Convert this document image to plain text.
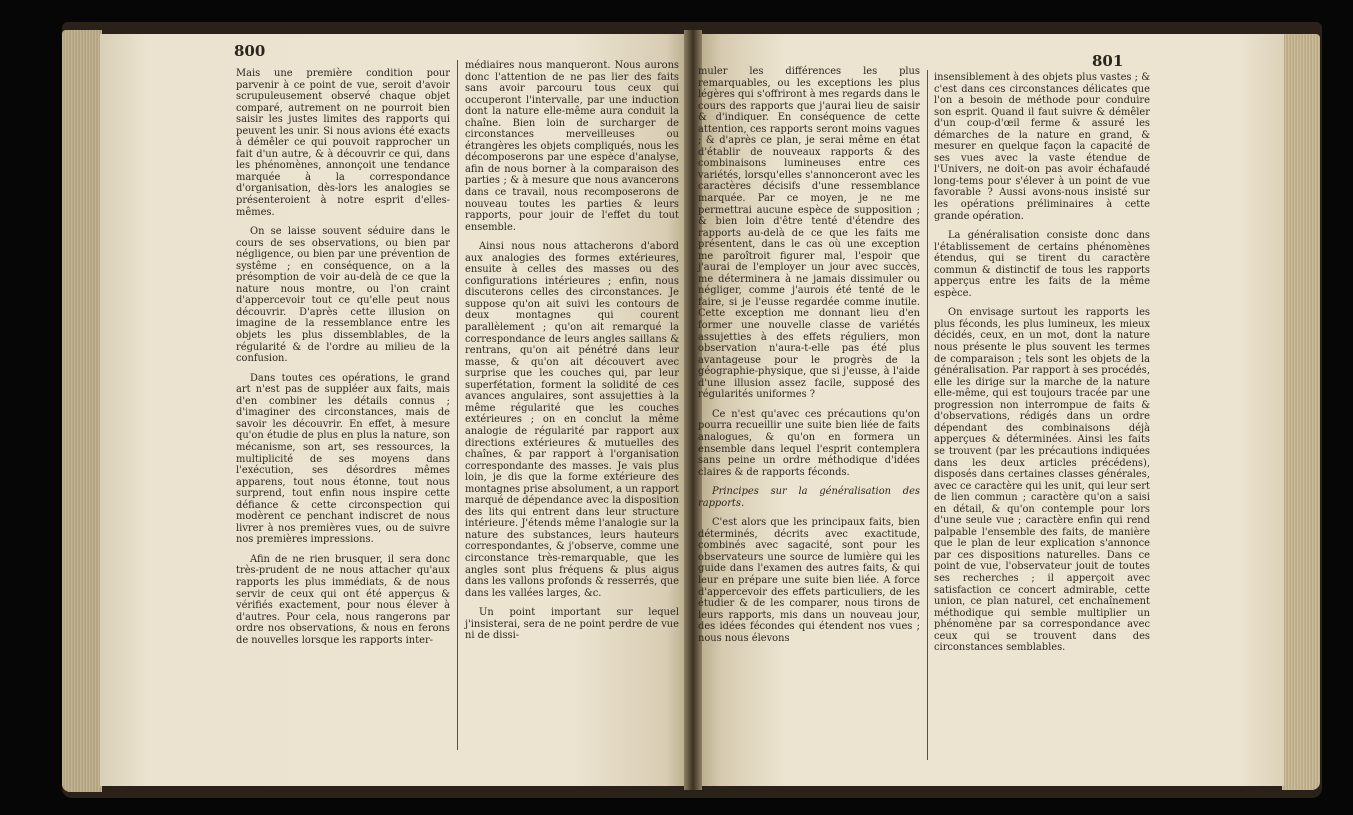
800

Mais une première condition pour parvenir à ce point de vue, seroit d'avoir scrupuleusement observé chaque objet comparé, autrement on ne pourroit bien saisir les justes limites des rapports qui peuvent les unir. Si nous avions été exacts à démêler ce qui pouvoit rapprocher un fait d'un autre, & à découvrir ce qui, dans les phénomènes, annonçoit une tendance marquée à la correspondance d'organisation, dès-lors les analogies se présenteroient à notre esprit d'elles-mêmes.

On se laisse souvent séduire dans le cours de ses observations, ou bien par négligence, ou bien par une prévention de systême ; en conséquence, on a la présomption de voir au-delà de ce que la nature nous montre, ou l'on craint d'appercevoir tout ce qu'elle peut nous découvrir. D'après cette illusion on imagine de la ressemblance entre les objets les plus dissemblables, de la régularité & de l'ordre au milieu de la confusion.

Dans toutes ces opérations, le grand art n'est pas de suppléer aux faits, mais d'en combiner les détails connus ; d'imaginer des circonstances, mais de savoir les découvrir. En effet, à mesure qu'on étudie de plus en plus la nature, son mécanisme, son art, ses ressources, la multiplicité de ses moyens dans l'exécution, ses désordres mêmes apparens, tout nous étonne, tout nous surprend, tout enfin nous inspire cette défiance & cette circonspection qui modèrent ce penchant indiscret de nous livrer à nos premières vues, ou de suivre nos premières impressions.

Afin de ne rien brusquer, il sera donc très-prudent de ne nous attacher qu'aux rapports les plus immédiats, & de nous servir de ceux qui ont été apperçus & vérifiés exactement, pour nous élever à d'autres. Pour cela, nous rangerons par ordre nos observations, & nous en ferons de nouvelles lorsque les rapports inter-

médiaires nous manqueront. Nous aurons donc l'attention de ne pas lier des faits sans avoir parcouru tous ceux qui occuperont l'intervalle, par une induction dont la nature elle-même aura conduit la chaîne. Bien loin de surcharger de circonstances merveilleuses ou étrangères les objets compliqués, nous les décomposerons par une espèce d'analyse, afin de nous borner à la comparaison des parties ; & à mesure que nous avancerons dans ce travail, nous recomposerons de nouveau toutes les parties & leurs rapports, pour jouir de l'effet du tout ensemble.

Ainsi nous nous attacherons d'abord aux analogies des formes extérieures, ensuite à celles des masses ou des configurations intérieures ; enfin, nous discuterons celles des circonstances. Je suppose qu'on ait suivi les contours de deux montagnes qui courent parallèlement ; qu'on ait remarqué la correspondance de leurs angles saillans & rentrans, qu'on ait pénétré dans leur masse, & qu'on ait découvert avec surprise que les couches qui, par leur superfétation, forment la solidité de ces avances angulaires, sont assujetties à la même régularité que les couches extérieures ; on en conclut la même analogie de régularité par rapport aux directions extérieures & mutuelles des chaînes, & par rapport à l'organisation correspondante des masses. Je vais plus loin, je dis que la forme extérieure des montagnes prise absolument, a un rapport marqué de dépendance avec la disposition des lits qui entrent dans leur structure intérieure. J'étends même l'analogie sur la nature des substances, leurs hauteurs correspondantes, & j'observe, comme une circonstance très-remarquable, que les angles sont plus fréquens & plus aigus dans les vallons profonds & resserrés, que dans les vallées larges, &c.

Un point important sur lequel j'insisterai, sera de ne point perdre de vue ni de dissi-

801

muler les différences les plus remarquables, ou les exceptions les plus légères qui s'offriront à mes regards dans le cours des rapports que j'aurai lieu de saisir & d'indiquer. En conséquence de cette attention, ces rapports seront moins vagues ; & d'après ce plan, je serai même en état d'établir de nouveaux rapports & des combinaisons lumineuses entre ces variétés, lorsqu'elles s'annonceront avec les caractères décisifs d'une ressemblance marquée. Par ce moyen, je ne me permettrai aucune espèce de supposition ; & bien loin d'être tenté d'étendre des rapports au-delà de ce que les faits me présentent, dans le cas où une exception me paroîtroit figurer mal, l'espoir que j'aurai de l'employer un jour avec succès, me déterminera à ne jamais dissimuler ou négliger, comme j'aurois été tenté de le faire, si je l'eusse regardée comme inutile. Cette exception me donnant lieu d'en former une nouvelle classe de variétés assujetties à des effets réguliers, mon observation n'aura-t-elle pas été plus avantageuse pour le progrès de la géographie-physique, que si j'eusse, à l'aide d'une illusion assez facile, supposé des régularités uniformes ?

Ce n'est qu'avec ces précautions qu'on pourra recueillir une suite bien liée de faits analogues, & qu'on en formera un ensemble dans lequel l'esprit contemplera sans peine un ordre méthodique d'idées claires & de rapports féconds.

Principes sur la généralisation des rapports.

C'est alors que les principaux faits, bien déterminés, décrits avec exactitude, combinés avec sagacité, sont pour les observateurs une source de lumière qui les guide dans l'examen des autres faits, & qui leur en prépare une suite bien liée. A force d'appercevoir des effets particuliers, de les étudier & de les comparer, nous tirons de leurs rapports, mis dans un nouveau jour, des idées fécondes qui étendent nos vues ; nous nous élevons

insensiblement à des objets plus vastes ; & c'est dans ces circonstances délicates que l'on a besoin de méthode pour conduire son esprit. Quand il faut suivre & démêler d'un coup-d'œil ferme & assuré les démarches de la nature en grand, & mesurer en quelque façon la capacité de ses vues avec la vaste étendue de l'Univers, ne doit-on pas avoir échafaudé long-tems pour s'élever à un point de vue favorable ? Aussi avons-nous insisté sur les opérations préliminaires à cette grande opération.

La généralisation consiste donc dans l'établissement de certains phénomènes étendus, qui se tirent du caractère commun & distinctif de tous les rapports apperçus entre les faits de la même espèce.

On envisage surtout les rapports les plus féconds, les plus lumineux, les mieux décidés, ceux, en un mot, dont la nature nous présente le plus souvent les termes de comparaison ; tels sont les objets de la généralisation. Par rapport à ses procédés, elle les dirige sur la marche de la nature elle-même, qui est toujours tracée par une progression non interrompue de faits & d'observations, rédigés dans un ordre dépendant des combinaisons déjà apperçues & déterminées. Ainsi les faits se trouvent (par les précautions indiquées dans les deux articles précédens), disposés dans certaines classes générales, avec ce caractère qui les unit, qui leur sert de lien commun ; caractère qu'on a saisi en détail, & qu'on contemple pour lors d'une seule vue ; caractère enfin qui rend palpable l'ensemble des faits, de manière que le plan de leur explication s'annonce par ces dispositions naturelles. Dans ce point de vue, l'observateur jouit de toutes ses recherches ; il apperçoit avec satisfaction ce concert admirable, cette union, ce plan naturel, cet enchaînement méthodique qui semble multiplier un phénomène par sa correspondance avec ceux qui se trouvent dans des circonstances semblables.
